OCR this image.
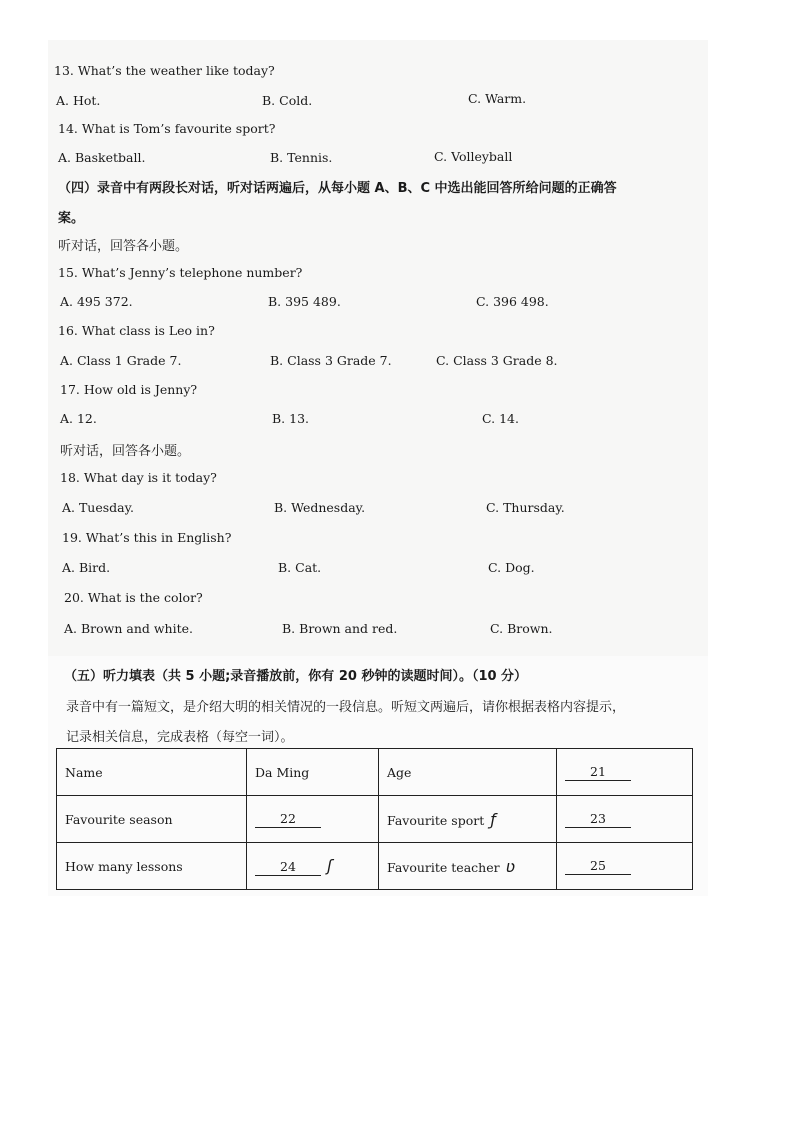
13. What’s the weather like today?
A. Hot.	B. Cold.	C. Warm.
14. What is Tom’s favourite sport?
A. Basketball.	B. Tennis.	C. Volleyball
（四）录音中有两段长对话，听对话两遍后，从每小题 A、B、C 中选出能回答所给问题的正确答
案。
听对话，回答各小题。
15. What’s Jenny’s telephone number?
A. 495 372.	B. 395 489.	C. 396 498.
16. What class is Leo in?
A. Class 1 Grade 7.	B. Class 3 Grade 7.	C. Class 3 Grade 8.
17. How old is Jenny?
A. 12.	B. 13.	C. 14.
听对话，回答各小题。
18. What day is it today?
A. Tuesday.	B. Wednesday.	C. Thursday.
19. What’s this in English?
A. Bird.	B. Cat.	C. Dog.
20. What is the color?
A. Brown and white.	B. Brown and red.	C. Brown.
（五）听力填表（共 5 小题;录音播放前，你有 20 秒钟的读题时间）。（10 分）
录音中有一篇短文，是介绍大明的相关情况的一段信息。听短文两遍后，请你根据表格内容提示，
记录相关信息，完成表格（每空一词）。
Name	Da Ming	Age	21
Favourite season	22	Favourite sport ƒ	23
How many lessons	24 ʃ	Favourite teacher ʋ	25
